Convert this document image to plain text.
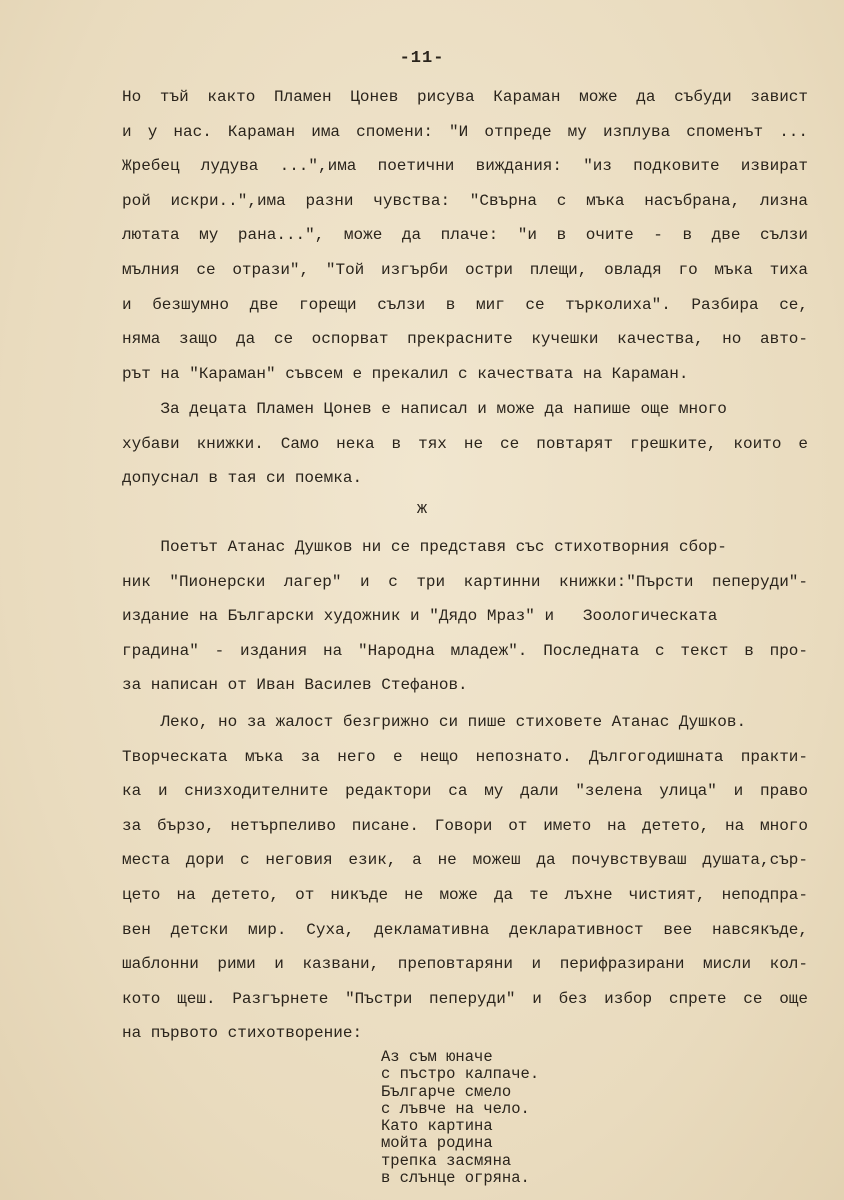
-11-
Но тъй както Пламен Цонев рисува Караман може да събуди завист
и у нас. Караман има спомени: "И отпреде му изплува споменът ...
Жребец лудува ...",има поетични виждания: "из подковите извират
рой искри..",има разни чувства: "Свърна с мъка насъбрана, лизна
лютата му рана...", може да плаче: "и в очите - в две сълзи
мълния се отрази", "Той изгърби остри плещи, овладя го мъка тиха
и безшумно две горещи сълзи в миг се търколиха". Разбира се,
няма защо да се оспорват прекрасните кучешки качества, но авто-
рът на "Караман" съвсем е прекалил с качествата на Караман.
За децата Пламен Цонев е написал и може да напише още много
хубави книжки. Само нека в тях не се повтарят грешките, които е
допуснал в тая си поемка.
ж
Поетът Атанас Душков ни се представя със стихотворния сбор-
ник "Пионерски лагер" и с три картинни книжки:"Пърсти пеперуди"-
издание на Български художник и "Дядо Мраз" и   Зоологическата
градина" - издания на "Народна младеж". Последната с текст в про-
за написан от Иван Василев Стефанов.
Леко, но за жалост безгрижно си пише стиховете Атанас Душков.
Творческата мъка за него е нещо непознато. Дългогодишната практи-
ка и снизходителните редактори са му дали "зелена улица" и право
за бързо, нетърпеливо писане. Говори от името на детето, на много
места дори с неговия език, а не можеш да почувствуваш душата,сър-
цето на детето, от никъде не може да те лъхне чистият, неподпра-
вен детски мир. Суха, декламативна декларативност вее навсякъде,
шаблонни рими и казвани, преповтаряни и перифразирани мисли кол-
кото щеш. Разгърнете "Пъстри пеперуди" и без избор спрете се още
на първото стихотворение:
Аз съм юначе
с пъстро калпаче.
Българче смело
с лъвче на чело.
Като картина
мойта родина
трепка засмяна
в слънце огряна.
